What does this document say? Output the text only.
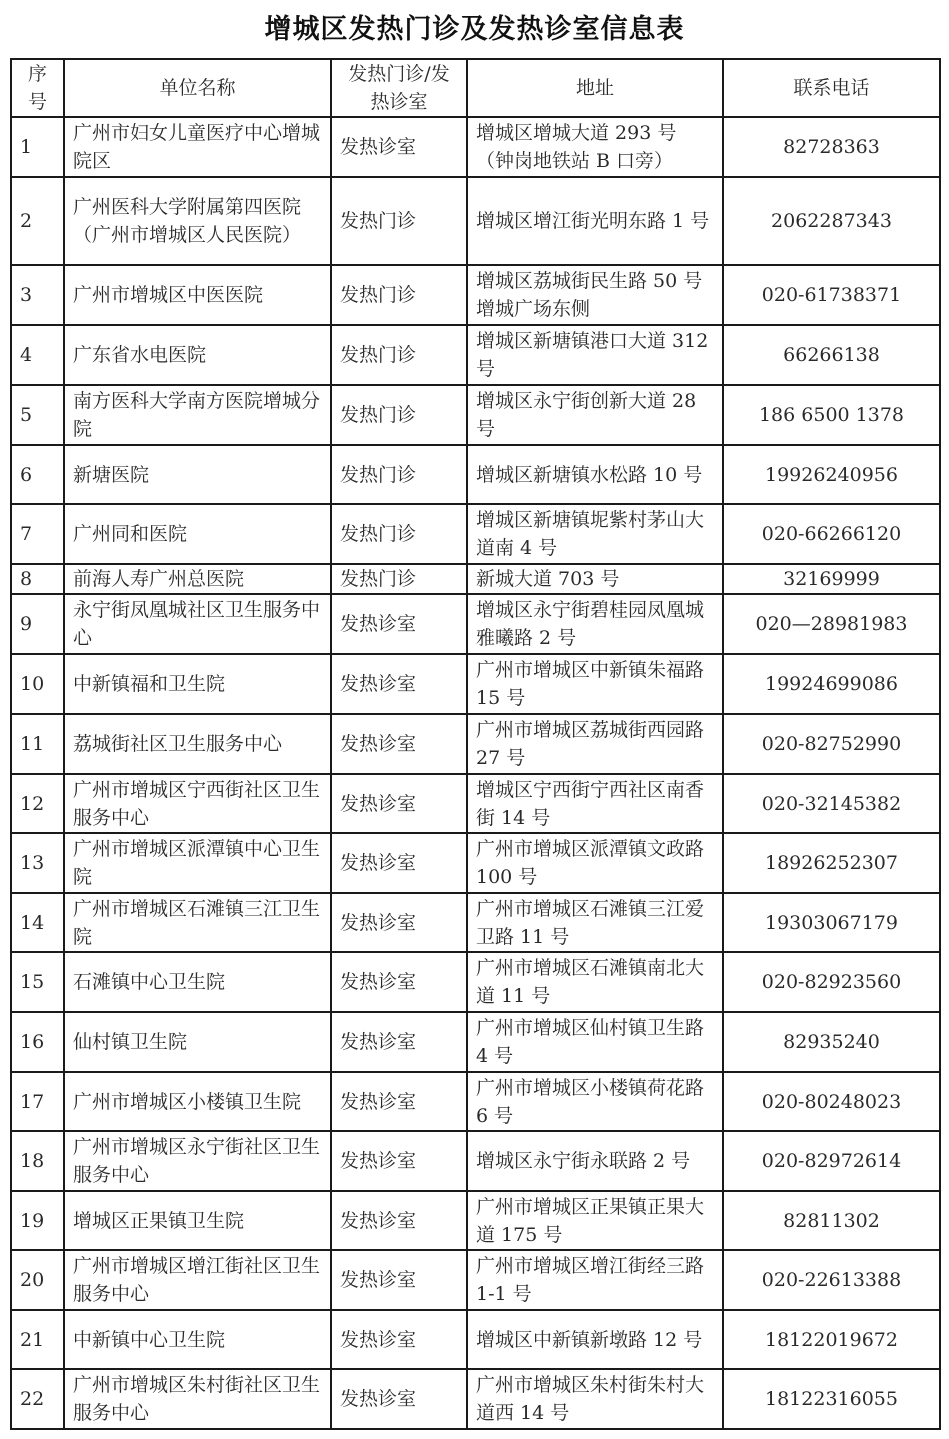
增城区发热门诊及发热诊室信息表
序号	单位名称	发热门诊/发热诊室	地址	联系电话
1	广州市妇女儿童医疗中心增城院区	发热诊室	增城区增城大道 293 号（钟岗地铁站 B 口旁）	82728363
2	广州医科大学附属第四医院（广州市增城区人民医院）	发热门诊	增城区增江街光明东路 1 号	2062287343
3	广州市增城区中医医院	发热门诊	增城区荔城街民生路 50 号增城广场东侧	020-61738371
4	广东省水电医院	发热门诊	增城区新塘镇港口大道 312 号	66266138
5	南方医科大学南方医院增城分院	发热门诊	增城区永宁街创新大道 28 号	186 6500 1378
6	新塘医院	发热门诊	增城区新塘镇水松路 10 号	19926240956
7	广州同和医院	发热门诊	增城区新塘镇坭紫村茅山大道南 4 号	020-66266120
8	前海人寿广州总医院	发热门诊	新城大道 703 号	32169999
9	永宁街凤凰城社区卫生服务中心	发热诊室	增城区永宁街碧桂园凤凰城雅曦路 2 号	020—28981983
10	中新镇福和卫生院	发热诊室	广州市增城区中新镇朱福路 15 号	19924699086
11	荔城街社区卫生服务中心	发热诊室	广州市增城区荔城街西园路 27 号	020-82752990
12	广州市增城区宁西街社区卫生服务中心	发热诊室	增城区宁西街宁西社区南香街 14 号	020-32145382
13	广州市增城区派潭镇中心卫生院	发热诊室	广州市增城区派潭镇文政路 100 号	18926252307
14	广州市增城区石滩镇三江卫生院	发热诊室	广州市增城区石滩镇三江爱卫路 11 号	19303067179
15	石滩镇中心卫生院	发热诊室	广州市增城区石滩镇南北大道 11 号	020-82923560
16	仙村镇卫生院	发热诊室	广州市增城区仙村镇卫生路 4 号	82935240
17	广州市增城区小楼镇卫生院	发热诊室	广州市增城区小楼镇荷花路 6 号	020-80248023
18	广州市增城区永宁街社区卫生服务中心	发热诊室	增城区永宁街永联路 2 号	020-82972614
19	增城区正果镇卫生院	发热诊室	广州市增城区正果镇正果大道 175 号	82811302
20	广州市增城区增江街社区卫生服务中心	发热诊室	广州市增城区增江街经三路 1-1 号	020-22613388
21	中新镇中心卫生院	发热诊室	增城区中新镇新墩路 12 号	18122019672
22	广州市增城区朱村街社区卫生服务中心	发热诊室	广州市增城区朱村街朱村大道西 14 号	18122316055
